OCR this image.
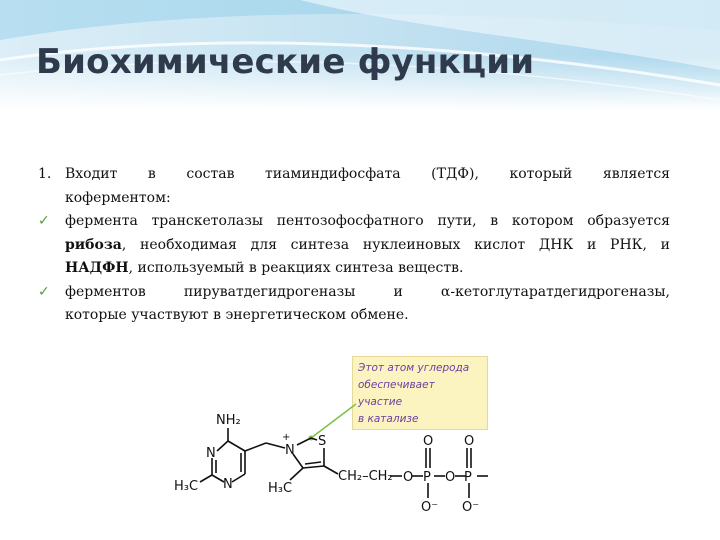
Биохимические функции
1. Входит в состав тиаминдифосфата (ТДФ), который является
коферментом:
✓ фермента транскетолазы пентозофосфатного пути, в котором образуется
рибоза, необходимая для синтеза нуклеиновых кислот ДНК и РНК, и
НАДФН, используемый в реакциях синтеза веществ.
✓ ферментов пируватдегидрогеназы и α-кетоглутаратдегидрогеназы,
которые участвуют в энергетическом обмене.
Этот атом углерода
обеспечивает участие
в катализе
NH₂
N
N
H₃C
+
N
S
H₃C
CH₂–CH₂ O P O P
O
O⁻
O
O⁻
